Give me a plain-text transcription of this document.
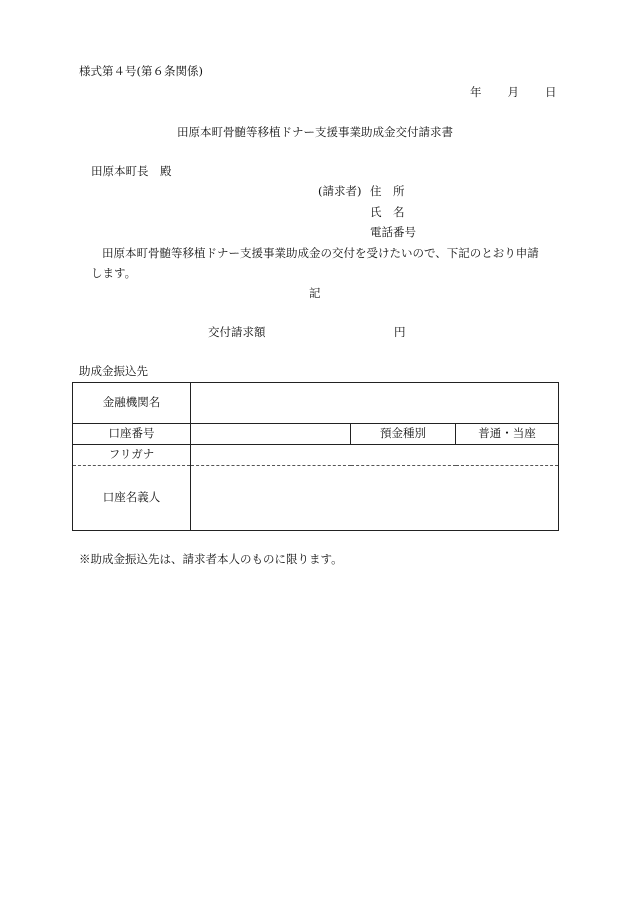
様式第４号(第６条関係)
年 月 日
田原本町骨髄等移植ドナー支援事業助成金交付請求書
田原本町長　殿
(請求者) 住　所
氏　名
電話番号
田原本町骨髄等移植ドナー支援事業助成金の交付を受けたいので、下記のとおり申請
します。
記
交付請求額	円
助成金振込先
金融機関名			
口座番号		預金種別	普通・当座
フリガナ			
口座名義人			
※助成金振込先は、請求者本人のものに限ります。
